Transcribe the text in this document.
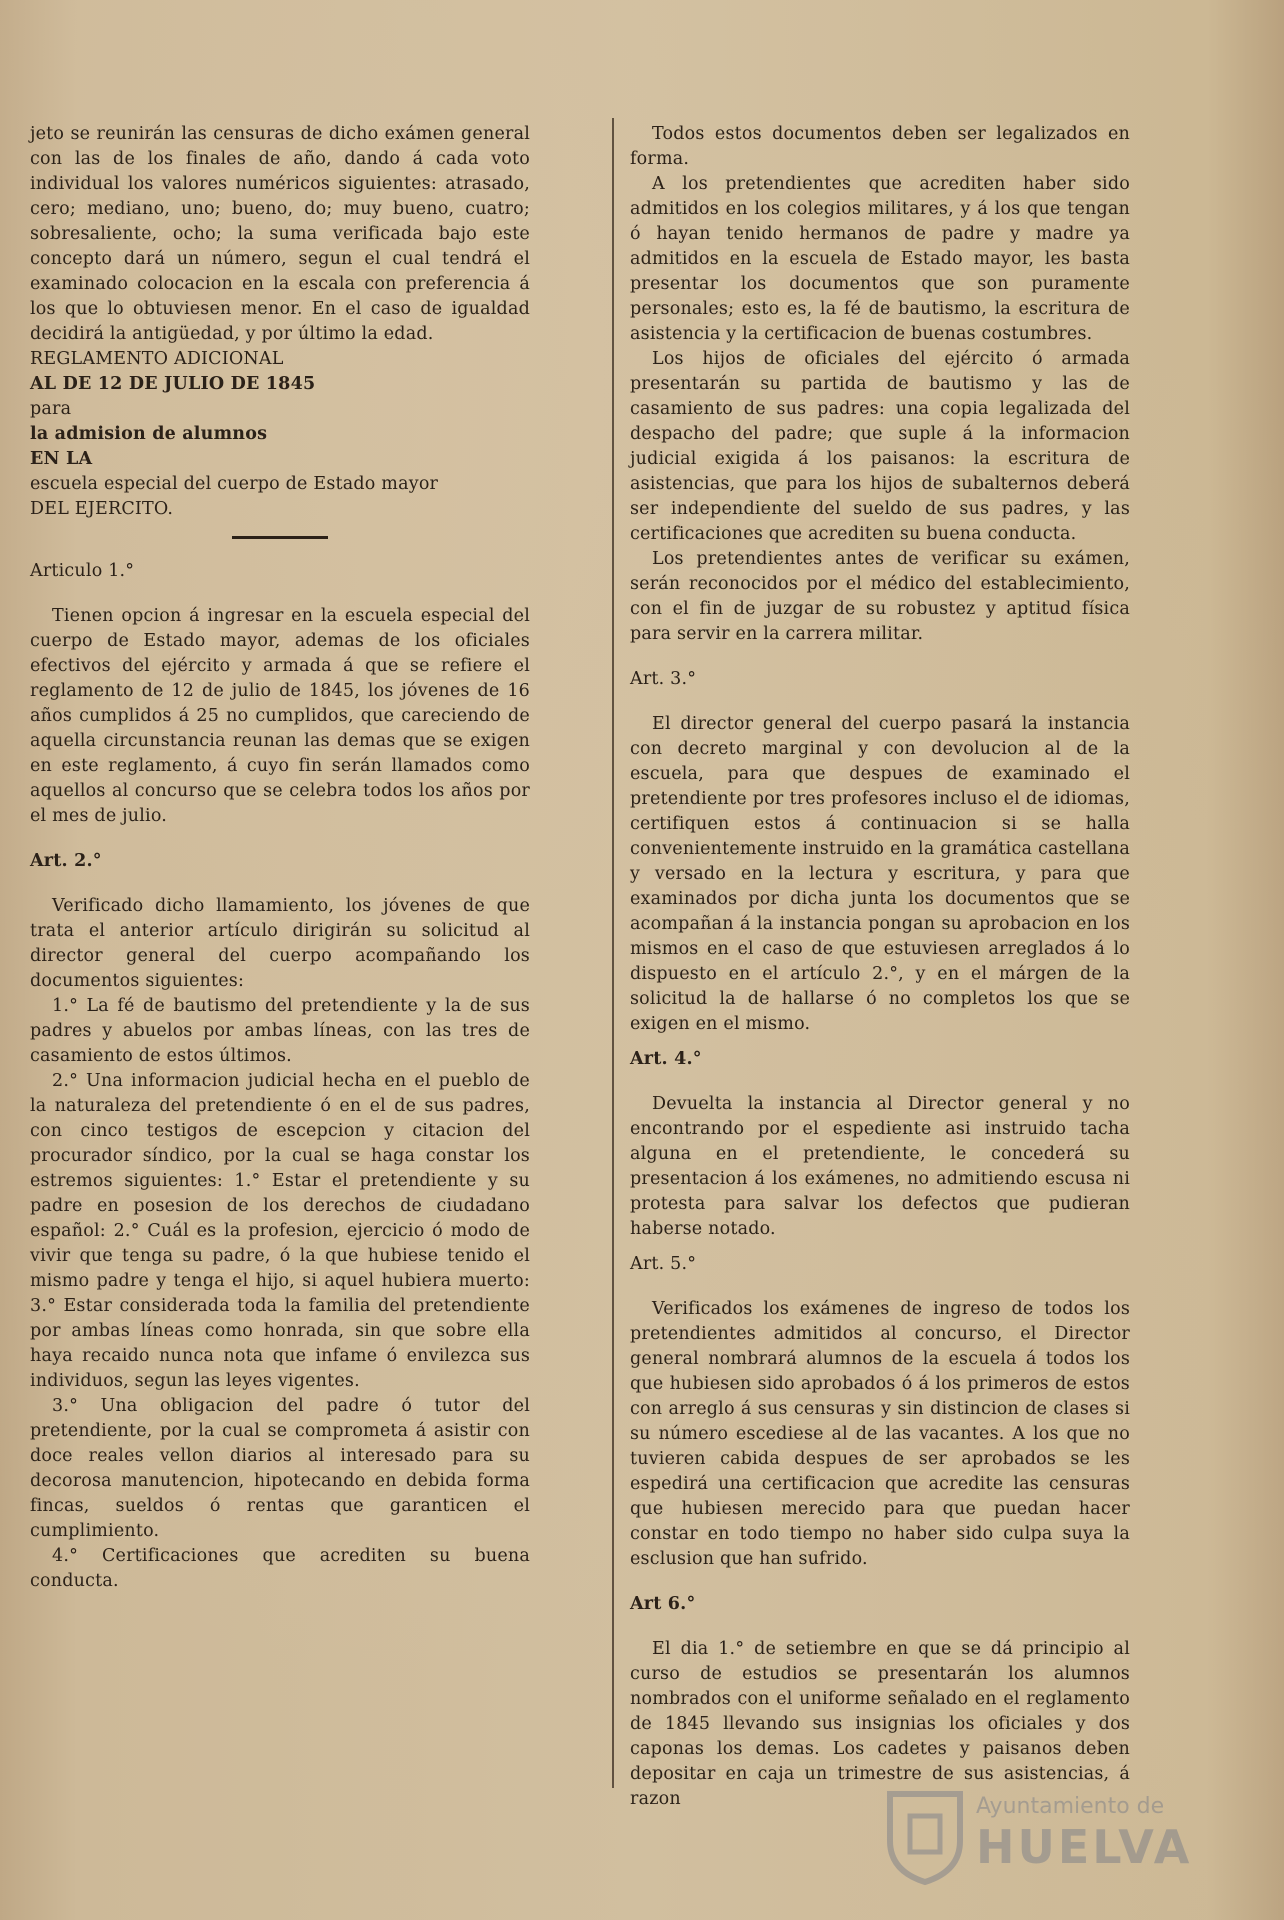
jeto se reunirán las censuras de dicho exámen general con las de los finales de año, dando á cada voto individual los valores numéricos siguientes: atrasado, cero; mediano, uno; bueno, do; muy bueno, cuatro; sobresaliente, ocho; la suma verificada bajo este concepto dará un número, segun el cual tendrá el examinado colocacion en la escala con preferencia á los que lo obtuviesen menor. En el caso de igualdad decidirá la antigüedad, y por último la edad.

REGLAMENTO ADICIONAL

AL DE 12 DE JULIO DE 1845

para

la admision de alumnos

EN LA

escuela especial del cuerpo de Estado mayor

DEL EJERCITO.

Articulo 1.°

Tienen opcion á ingresar en la escuela especial del cuerpo de Estado mayor, ademas de los oficiales efectivos del ejército y armada á que se refiere el reglamento de 12 de julio de 1845, los jóvenes de 16 años cumplidos á 25 no cumplidos, que careciendo de aquella circunstancia reunan las demas que se exigen en este reglamento, á cuyo fin serán llamados como aquellos al concurso que se celebra todos los años por el mes de julio.

Art. 2.°

Verificado dicho llamamiento, los jóvenes de que trata el anterior artículo dirigirán su solicitud al director general del cuerpo acompañando los documentos siguientes:

1.° La fé de bautismo del pretendiente y la de sus padres y abuelos por ambas líneas, con las tres de casamiento de estos últimos.

2.° Una informacion judicial hecha en el pueblo de la naturaleza del pretendiente ó en el de sus padres, con cinco testigos de escepcion y citacion del procurador síndico, por la cual se haga constar los estremos siguientes: 1.° Estar el pretendiente y su padre en posesion de los derechos de ciudadano español: 2.° Cuál es la profesion, ejercicio ó modo de vivir que tenga su padre, ó la que hubiese tenido el mismo padre y tenga el hijo, si aquel hubiera muerto: 3.° Estar considerada toda la familia del pretendiente por ambas líneas como honrada, sin que sobre ella haya recaido nunca nota que infame ó envilezca sus individuos, segun las leyes vigentes.

3.° Una obligacion del padre ó tutor del pretendiente, por la cual se comprometa á asistir con doce reales vellon diarios al interesado para su decorosa manutencion, hipotecando en debida forma fincas, sueldos ó rentas que garanticen el cumplimiento.

4.° Certificaciones que acrediten su buena conducta.

Todos estos documentos deben ser legalizados en forma.

A los pretendientes que acrediten haber sido admitidos en los colegios militares, y á los que tengan ó hayan tenido hermanos de padre y madre ya admitidos en la escuela de Estado mayor, les basta presentar los documentos que son puramente personales; esto es, la fé de bautismo, la escritura de asistencia y la certificacion de buenas costumbres.

Los hijos de oficiales del ejército ó armada presentarán su partida de bautismo y las de casamiento de sus padres: una copia legalizada del despacho del padre; que suple á la informacion judicial exigida á los paisanos: la escritura de asistencias, que para los hijos de subalternos deberá ser independiente del sueldo de sus padres, y las certificaciones que acrediten su buena conducta.

Los pretendientes antes de verificar su exámen, serán reconocidos por el médico del establecimiento, con el fin de juzgar de su robustez y aptitud física para servir en la carrera militar.

Art. 3.°

El director general del cuerpo pasará la instancia con decreto marginal y con devolucion al de la escuela, para que despues de examinado el pretendiente por tres profesores incluso el de idiomas, certifiquen estos á continuacion si se halla convenientemente instruido en la gramática castellana y versado en la lectura y escritura, y para que examinados por dicha junta los documentos que se acompañan á la instancia pongan su aprobacion en los mismos en el caso de que estuviesen arreglados á lo dispuesto en el artículo 2.°, y en el márgen de la solicitud la de hallarse ó no completos los que se exigen en el mismo.

Art. 4.°

Devuelta la instancia al Director general y no encontrando por el espediente asi instruido tacha alguna en el pretendiente, le concederá su presentacion á los exámenes, no admitiendo escusa ni protesta para salvar los defectos que pudieran haberse notado.

Art. 5.°

Verificados los exámenes de ingreso de todos los pretendientes admitidos al concurso, el Director general nombrará alumnos de la escuela á todos los que hubiesen sido aprobados ó á los primeros de estos con arreglo á sus censuras y sin distincion de clases si su número escediese al de las vacantes. A los que no tuvieren cabida despues de ser aprobados se les espedirá una certificacion que acredite las censuras que hubiesen merecido para que puedan hacer constar en todo tiempo no haber sido culpa suya la esclusion que han sufrido.

Art 6.°

El dia 1.° de setiembre en que se dá principio al curso de estudios se presentarán los alumnos nombrados con el uniforme señalado en el reglamento de 1845 llevando sus insignias los oficiales y dos caponas los demas. Los cadetes y paisanos deben depositar en caja un trimestre de sus asistencias, á razon	Ayuntamiento de
HUELVA
